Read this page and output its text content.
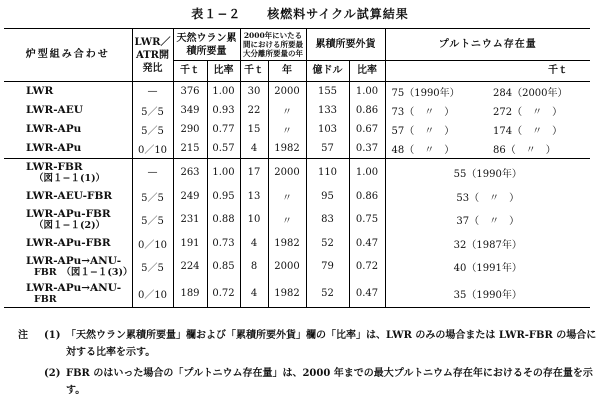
表１−２　　核燃料サイクル試算結果
炉型組み合わせ	LWR／ATR開発比	天然ウラン累積所要量		2000年にいたる間における所要最大分離所要量の年		累積所要外貨		プルトニウム存在量	
		千ｔ	比率	千ｔ	年	億ドル	比率	千ｔ	
LWR	—	376	1.00	30	2000	155	1.00	75（1990年）	284（2000年）
LWR-AEU	5／5	349	0.93	22	〃	133	0.86	73（　〃　）	272（　〃　）
LWR-APu	5／5	290	0.77	15	〃	103	0.67	57（　〃　）	174（　〃　）
LWR-APu	0／10	215	0.57	4	1982	57	0.37	48（　〃　）	86（　〃　）
LWR-FBR
（図１−１(1)）	—	263	1.00	17	2000	110	1.00	55（1990年）	
LWR-AEU-FBR	5／5	249	0.95	13	〃	95	0.86	53（　〃　）	
LWR-APu-FBR
（図１−１(2)）	5／5	231	0.88	10	〃	83	0.75	37（　〃　）	
LWR-APu-FBR	0／10	191	0.73	4	1982	52	0.47	32（1987年）	
LWR-APu→ANU-
FBR　（図１−１(3)）	5／5	224	0.85	8	2000	79	0.72	40（1991年）	
LWR-APu→ANU-
FBR	0／10	189	0.72	4	1982	52	0.47	35（1990年）	
注 (1) 「天然ウラン累積所要量」欄および「累積所要外貨」欄の「比率」は、LWR のみの場合または LWR-FBR の場合に対する比率を示す。
(2) FBR のはいった場合の「プルトニウム存在量」は、2000 年までの最大プルトニウム存在年におけるその存在量を示す。
